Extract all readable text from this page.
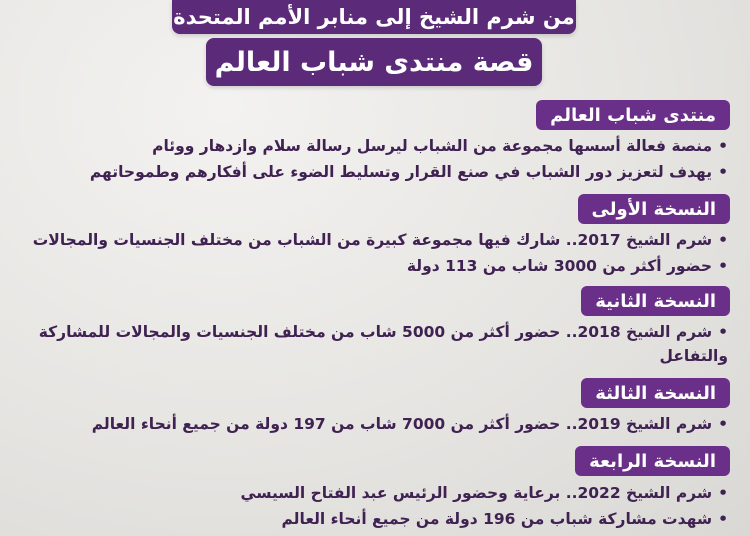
من شرم الشيخ إلى منابر الأمم المتحدة
قصة منتدى شباب العالم
منتدى شباب العالم
•منصة فعالة أسسها مجموعة من الشباب ليرسل رسالة سلام وازدهار ووئام
•يهدف لتعزيز دور الشباب في صنع القرار وتسليط الضوء على أفكارهم وطموحاتهم
النسخة الأولى
•شرم الشيخ 2017.. شارك فيها مجموعة كبيرة من الشباب من مختلف الجنسيات والمجالات
•حضور أكثر من 3000 شاب من 113 دولة
النسخة الثانية
•شرم الشيخ 2018.. حضور أكثر من 5000 شاب من مختلف الجنسيات والمجالات للمشاركة والتفاعل
النسخة الثالثة
•شرم الشيخ 2019.. حضور أكثر من 7000 شاب من 197 دولة من جميع أنحاء العالم
النسخة الرابعة
•شرم الشيخ 2022.. برعاية وحضور الرئيس عبد الفتاح السيسي
•شهدت مشاركة شباب من 196 دولة من جميع أنحاء العالم
